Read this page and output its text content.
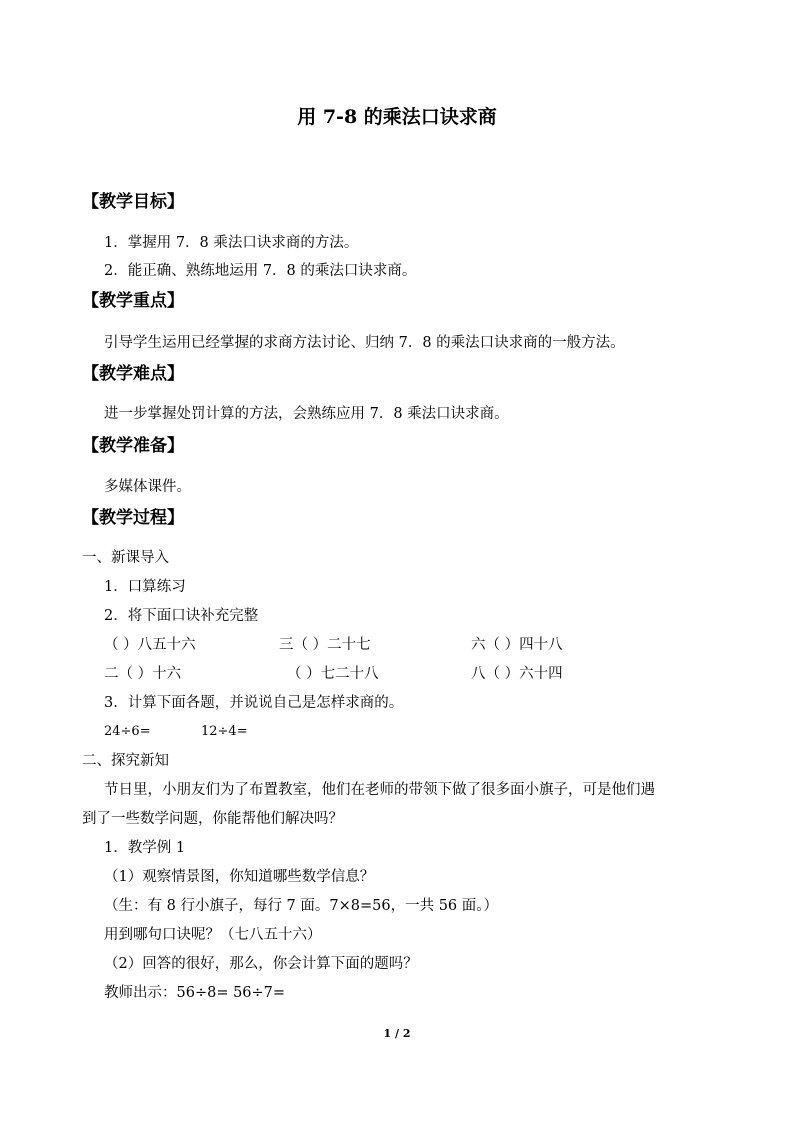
用 7-8 的乘法口诀求商
【教学目标】
1．掌握用 7．8 乘法口诀求商的方法。
2．能正确、熟练地运用 7．8 的乘法口诀求商。
【教学重点】
引导学生运用已经掌握的求商方法讨论、归纳 7．8 的乘法口诀求商的一般方法。
【教学难点】
进一步掌握处罚计算的方法，会熟练应用 7．8 乘法口诀求商。
【教学准备】
多媒体课件。
【教学过程】
一、新课导入
1．口算练习
2．将下面口诀补充完整
（ ）八五十六	三（ ）二十七	六（ ）四十八
二（ ）十六	（ ）七二十八	八（ ）六十四
3．计算下面各题，并说说自己是怎样求商的。
24÷6=	12÷4=
二、探究新知
节日里，小朋友们为了布置教室，他们在老师的带领下做了很多面小旗子，可是他们遇
到了一些数学问题，你能帮他们解决吗？
1．教学例 1
（1）观察情景图，你知道哪些数学信息？
（生：有 8 行小旗子，每行 7 面。7×8=56，一共 56 面。）
用到哪句口诀呢？（七八五十六）
（2）回答的很好，那么，你会计算下面的题吗？
教师出示：56÷8= 56÷7=
1 / 2
